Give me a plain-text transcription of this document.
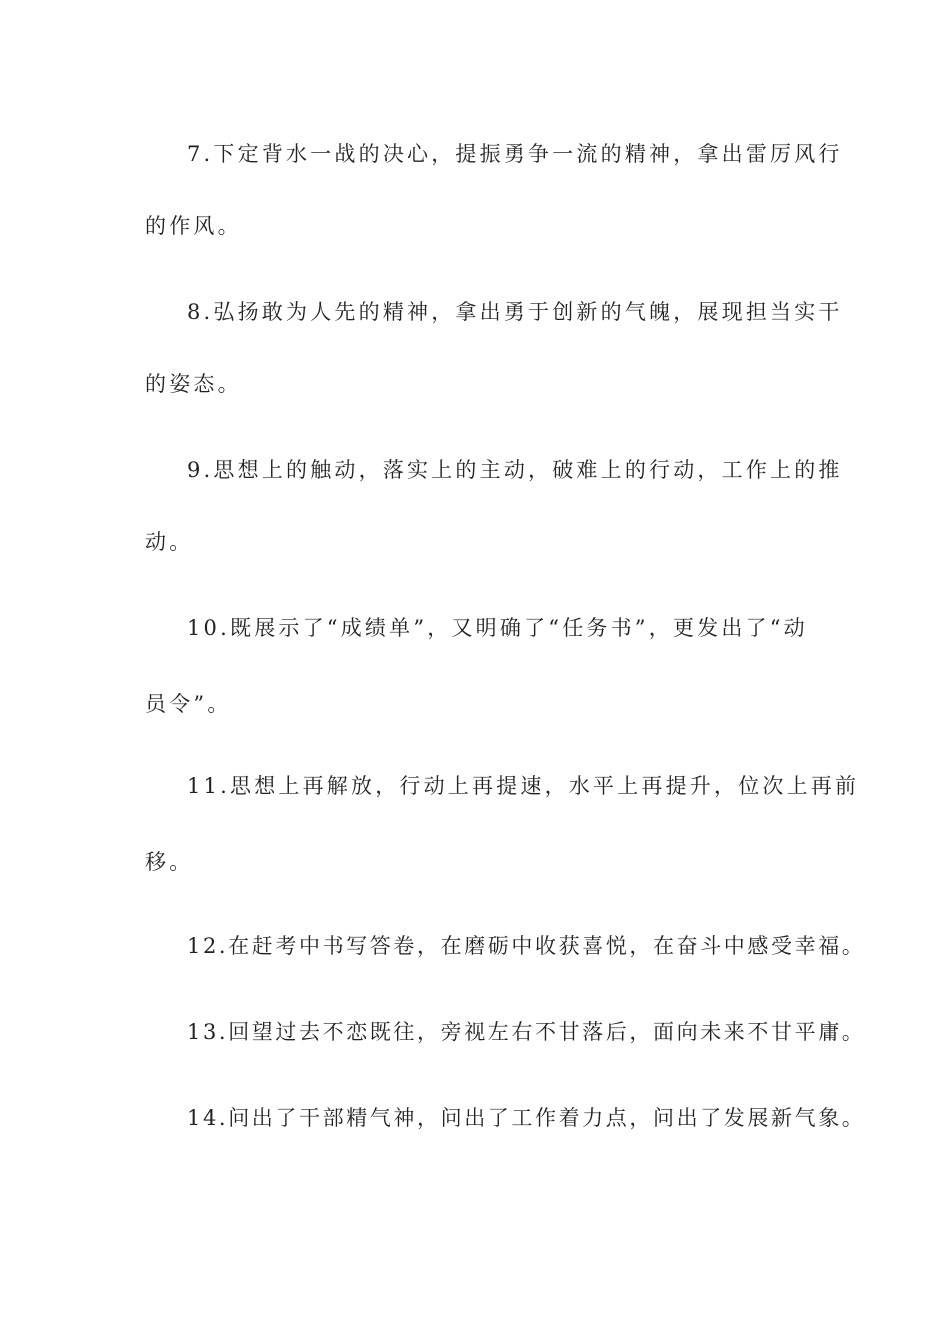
7.下定背水一战的决心，提振勇争一流的精神，拿出雷厉风行

的作风。

8.弘扬敢为人先的精神，拿出勇于创新的气魄，展现担当实干

的姿态。

9.思想上的触动，落实上的主动，破难上的行动，工作上的推

动。

10.既展示了“成绩单”，又明确了“任务书”，更发出了“动

员令”。

11.思想上再解放，行动上再提速，水平上再提升，位次上再前

移。

12.在赶考中书写答卷，在磨砺中收获喜悦，在奋斗中感受幸福。

13.回望过去不恋既往，旁视左右不甘落后，面向未来不甘平庸。

14.问出了干部精气神，问出了工作着力点，问出了发展新气象。
